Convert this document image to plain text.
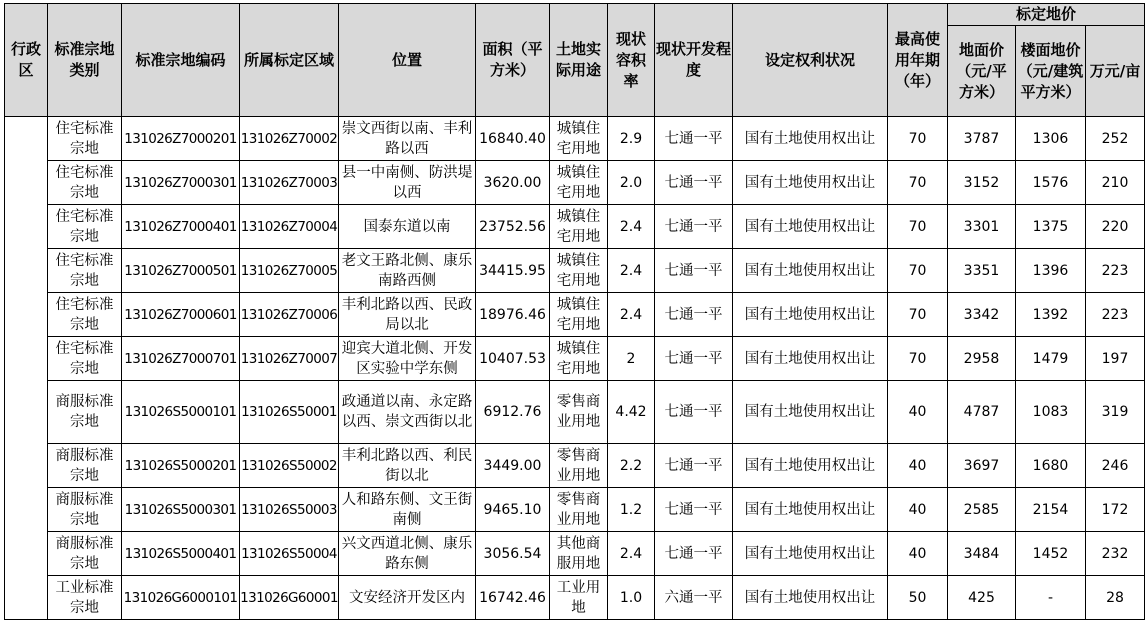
行政区	标准宗地类别	标准宗地编码	所属标定区域	位置	面积（平方米）	土地实际用途	现状容积率	现状开发程度	设定权利状况	最高使用年期（年）	标定地价		
											地面价（元/平方米）	楼面地价（元/建筑平方米）	万元/亩
	住宅标准宗地	131026Z7000201	131026Z70002	崇文西街以南、丰利路以西	16840.40	城镇住宅用地	2.9	七通一平	国有土地使用权出让	70	3787	1306	252
	住宅标准宗地	131026Z7000301	131026Z70003	县一中南侧、防洪堤以西	3620.00	城镇住宅用地	2.0	七通一平	国有土地使用权出让	70	3152	1576	210
	住宅标准宗地	131026Z7000401	131026Z70004	国泰东道以南	23752.56	城镇住宅用地	2.4	七通一平	国有土地使用权出让	70	3301	1375	220
	住宅标准宗地	131026Z7000501	131026Z70005	老文王路北侧、康乐南路西侧	34415.95	城镇住宅用地	2.4	七通一平	国有土地使用权出让	70	3351	1396	223
	住宅标准宗地	131026Z7000601	131026Z70006	丰利北路以西、民政局以北	18976.46	城镇住宅用地	2.4	七通一平	国有土地使用权出让	70	3342	1392	223
	住宅标准宗地	131026Z7000701	131026Z70007	迎宾大道北侧、开发区实验中学东侧	10407.53	城镇住宅用地	2	七通一平	国有土地使用权出让	70	2958	1479	197
	商服标准宗地	131026S5000101	131026S50001	政通道以南、永定路以西、崇文西街以北	6912.76	零售商业用地	4.42	七通一平	国有土地使用权出让	40	4787	1083	319
	商服标准宗地	131026S5000201	131026S50002	丰利北路以西、利民街以北	3449.00	零售商业用地	2.2	七通一平	国有土地使用权出让	40	3697	1680	246
	商服标准宗地	131026S5000301	131026S50003	人和路东侧、文王街南侧	9465.10	零售商业用地	1.2	七通一平	国有土地使用权出让	40	2585	2154	172
	商服标准宗地	131026S5000401	131026S50004	兴文西道北侧、康乐路东侧	3056.54	其他商服用地	2.4	七通一平	国有土地使用权出让	40	3484	1452	232
	工业标准宗地	131026G6000101	131026G60001	文安经济开发区内	16742.46	工业用地	1.0	六通一平	国有土地使用权出让	50	425	-	28
